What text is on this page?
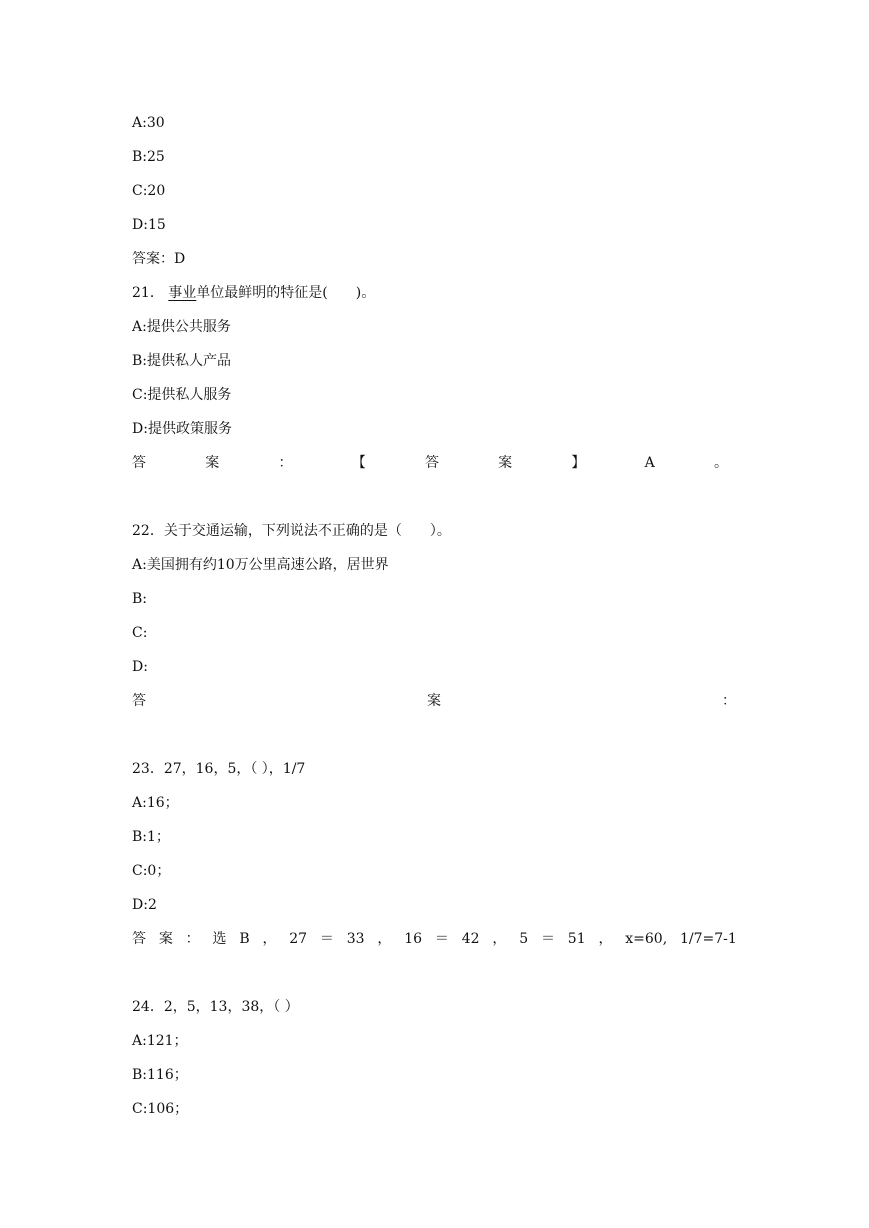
A:30
B:25
C:20
D:15
答案：D
21． 事业单位最鲜明的特征是(　　)。
A:提供公共服务
B:提供私人产品
C:提供私人服务
D:提供政策服务
答	案	：	【	答	案	】	A	。
22．关于交通运输，下列说法不正确的是（　　）。
A:美国拥有约10万公里高速公路，居世界
B:
C:
D:
答	案	：
23．27，16，5，（ ），1/7
A:16；
B:1；
C:0；
D:2
答 案 ： 选 B ， 27 ＝ 33 ， 16 ＝ 42 ， 5 ＝ 51 ， x=60, 1/7=7-1
24．2，5，13，38，（ ）
A:121；
B:116；
C:106；
